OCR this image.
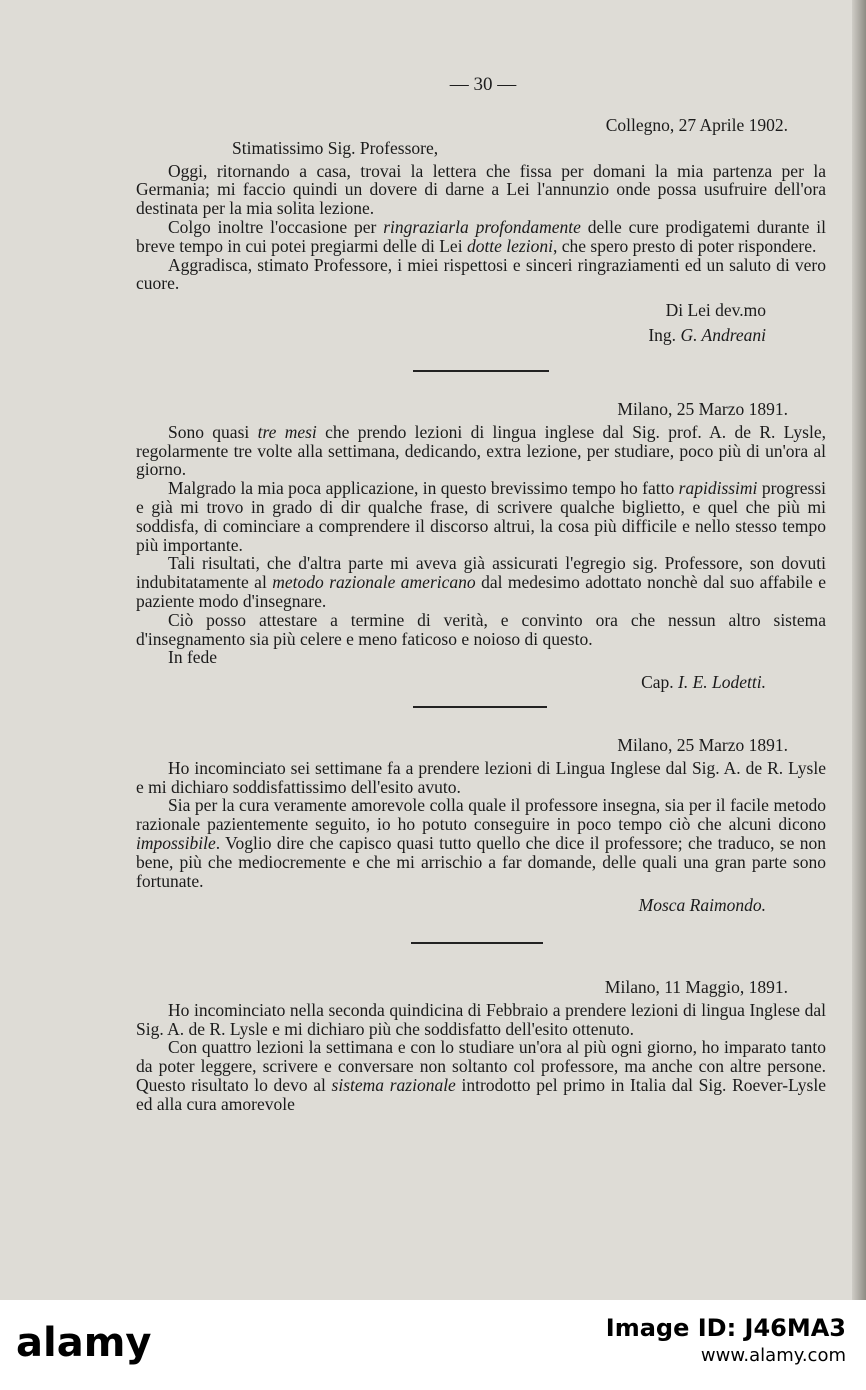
— 30 —
Collegno, 27 Aprile 1902.
Stimatissimo Sig. Professore,

Oggi, ritornando a casa, trovai la lettera che fissa per domani la mia partenza per la Germania; mi faccio quindi un dovere di darne a Lei l'annunzio onde possa usufruire dell'ora destinata per la mia solita lezione.

Colgo inoltre l'occasione per ringraziarla profondamente delle cure prodigatemi durante il breve tempo in cui potei pregiarmi delle di Lei dotte lezioni, che spero presto di poter rispondere.

Aggradisca, stimato Professore, i miei rispettosi e sinceri ringraziamenti ed un saluto di vero cuore.

Di Lei dev.mo
Ing. G. Andreani
Milano, 25 Marzo 1891.

Sono quasi tre mesi che prendo lezioni di lingua inglese dal Sig. prof. A. de R. Lysle, regolarmente tre volte alla settimana, dedicando, extra lezione, per studiare, poco più di un'ora al giorno.

Malgrado la mia poca applicazione, in questo brevissimo tempo ho fatto rapidissimi progressi e già mi trovo in grado di dir qualche frase, di scrivere qualche biglietto, e quel che più mi soddisfa, di cominciare a comprendere il discorso altrui, la cosa più difficile e nello stesso tempo più importante.

Tali risultati, che d'altra parte mi aveva già assicurati l'egregio sig. Professore, son dovuti indubitatamente al metodo razionale americano dal medesimo adottato nonchè dal suo affabile e paziente modo d'insegnare.

Ciò posso attestare a termine di verità, e convinto ora che nessun altro sistema d'insegnamento sia più celere e meno faticoso e noioso di questo.

In fede

Cap. I. E. Lodetti.
Milano, 25 Marzo 1891.

Ho incominciato sei settimane fa a prendere lezioni di Lingua Inglese dal Sig. A. de R. Lysle e mi dichiaro soddisfattissimo dell'esito avuto.

Sia per la cura veramente amorevole colla quale il professore insegna, sia per il facile metodo razionale pazientemente seguito, io ho potuto conseguire in poco tempo ciò che alcuni dicono impossibile. Voglio dire che capisco quasi tutto quello che dice il professore; che traduco, se non bene, più che mediocremente e che mi arrischio a far domande, delle quali una gran parte sono fortunate.

Mosca Raimondo.
Milano, 11 Maggio, 1891.

Ho incominciato nella seconda quindicina di Febbraio a prendere lezioni di lingua Inglese dal Sig. A. de R. Lysle e mi dichiaro più che soddisfatto dell'esito ottenuto.

Con quattro lezioni la settimana e con lo studiare un'ora al più ogni giorno, ho imparato tanto da poter leggere, scrivere e conversare non soltanto col professore, ma anche con altre persone. Questo risultato lo devo al sistema razionale introdotto pel primo in Italia dal Sig. Roever-Lysle ed alla cura amorevole

alamy	Image ID: J46MA3
www.alamy.com
